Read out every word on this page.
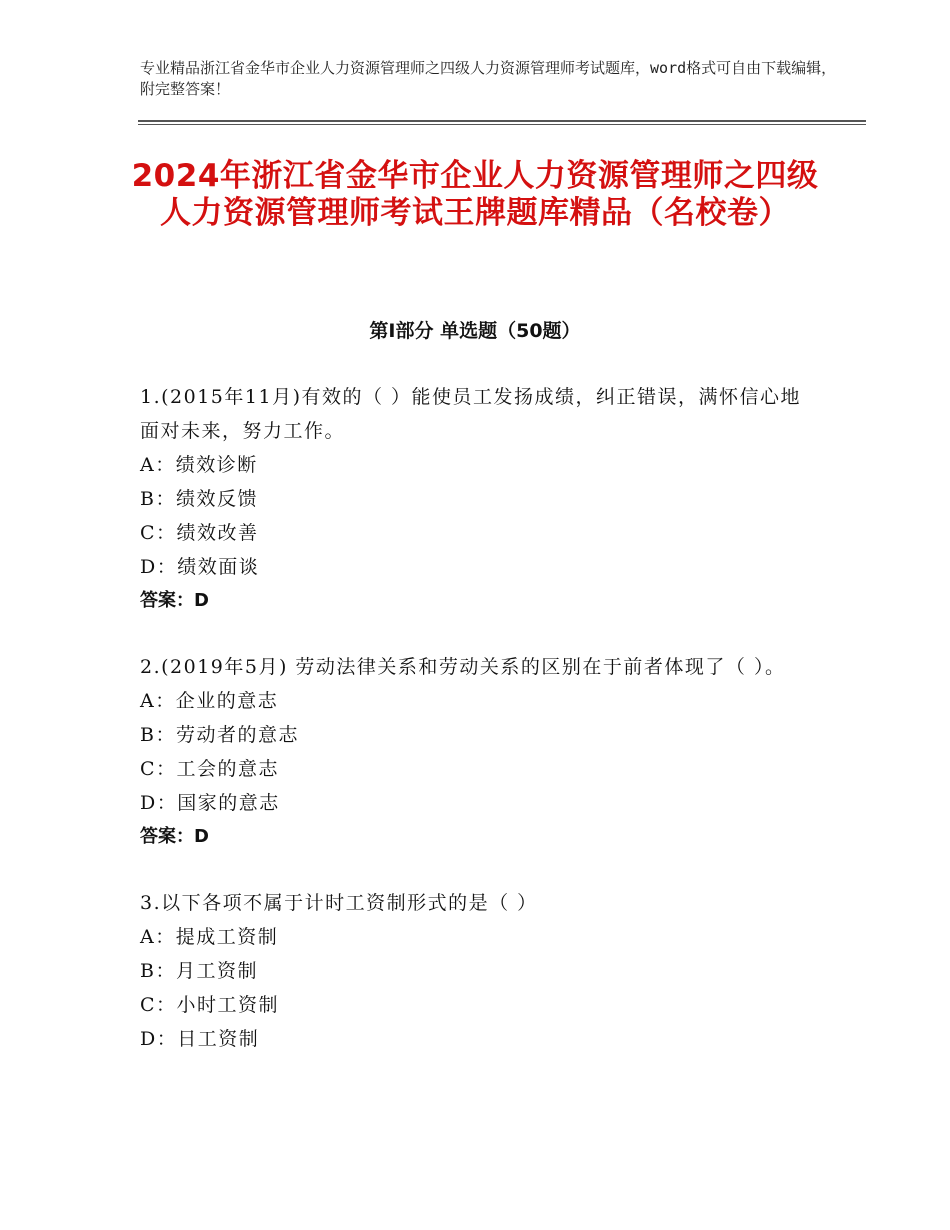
专业精品浙江省金华市企业人力资源管理师之四级人力资源管理师考试题库，word格式可自由下载编辑，附完整答案！
2024年浙江省金华市企业人力资源管理师之四级人力资源管理师考试王牌题库精品（名校卷）
第Ⅰ部分 单选题（50题）
1.(2015年11月)有效的（ ）能使员工发扬成绩，纠正错误，满怀信心地面对未来，努力工作。
A：绩效诊断
B：绩效反馈
C：绩效改善
D：绩效面谈
答案：D
2.(2019年5月) 劳动法律关系和劳动关系的区别在于前者体现了（ ）。
A：企业的意志
B：劳动者的意志
C：工会的意志
D：国家的意志
答案：D
3.以下各项不属于计时工资制形式的是（ ）
A：提成工资制
B：月工资制
C：小时工资制
D：日工资制
